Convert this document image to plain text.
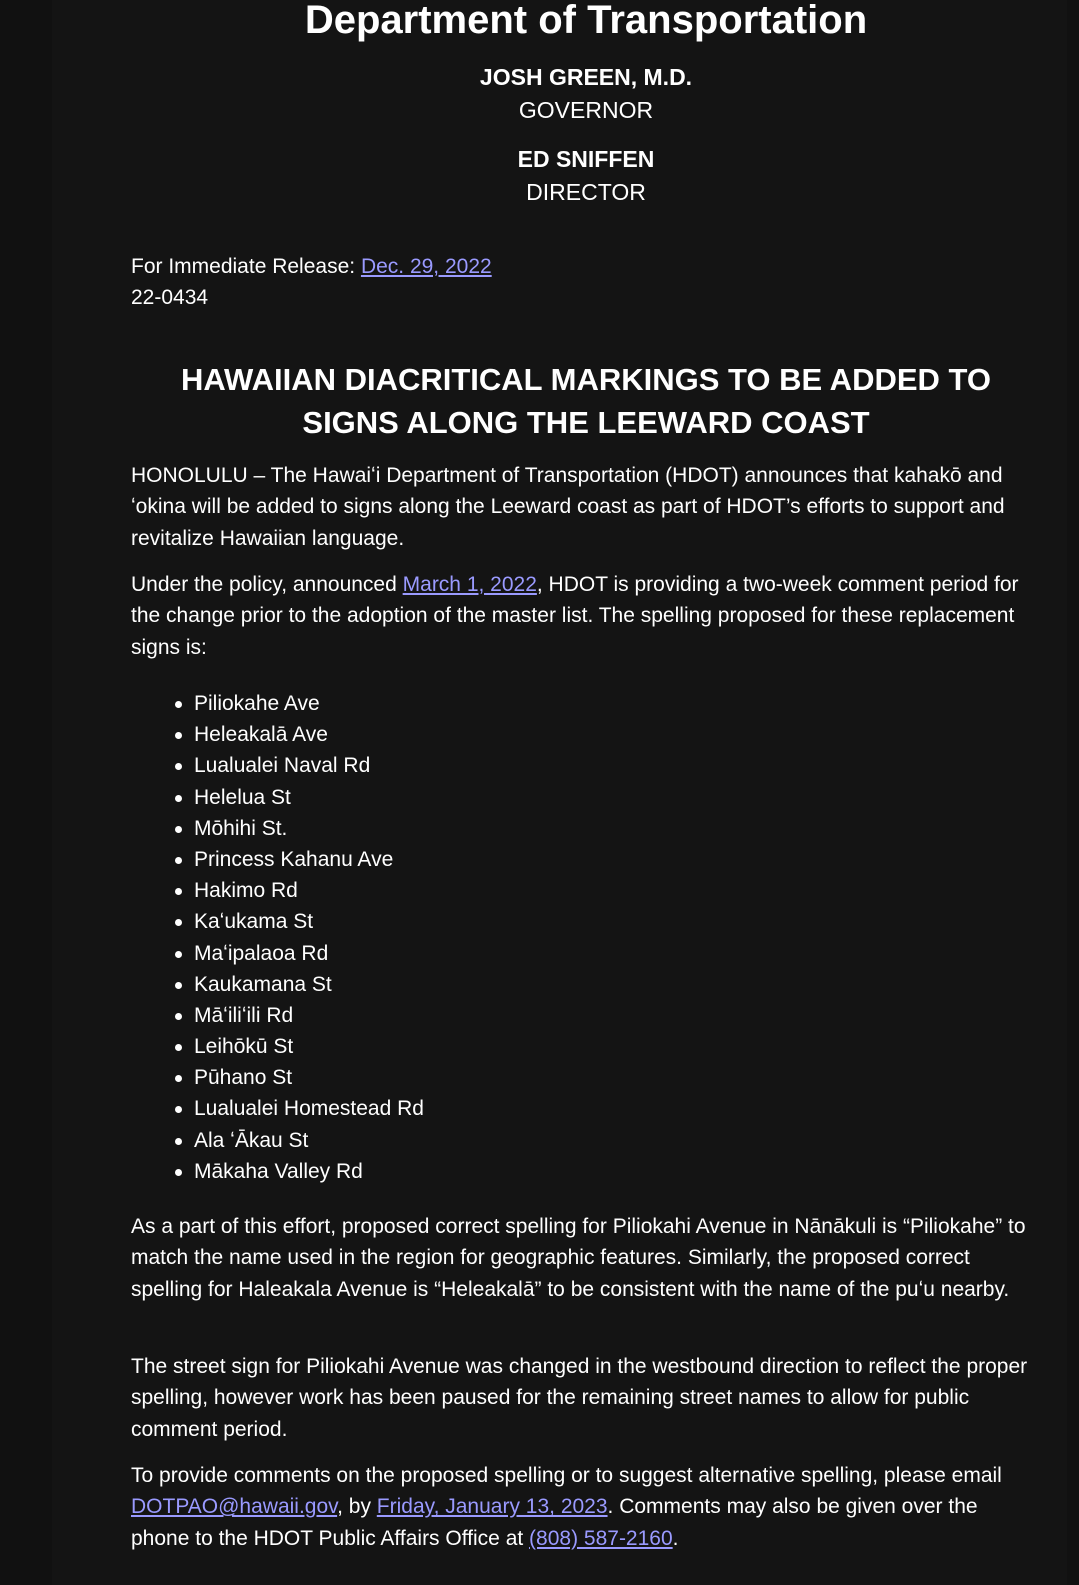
Department of Transportation
JOSH GREEN, M.D.
GOVERNOR
ED SNIFFEN
DIRECTOR
For Immediate Release: Dec. 29, 2022
22-0434
HAWAIIAN DIACRITICAL MARKINGS TO BE ADDED TO SIGNS ALONG THE LEEWARD COAST

HONOLULU – The Hawaiʻi Department of Transportation (HDOT) announces that kahakō and ʻokina will be added to signs along the Leeward coast as part of HDOT’s efforts to support and revitalize Hawaiian language.

Under the policy, announced March 1, 2022, HDOT is providing a two-week comment period for the change prior to the adoption of the master list. The spelling proposed for these replacement signs is:

Piliokahe Ave
Heleakalā Ave
Lualualei Naval Rd
Helelua St
Mōhihi St.
Princess Kahanu Ave
Hakimo Rd
Kaʻukama St
Maʻipalaoa Rd
Kaukamana St
Māʻiliʻili Rd
Leihōkū St
Pūhano St
Lualualei Homestead Rd
Ala ʻĀkau St
Mākaha Valley Rd

As a part of this effort, proposed correct spelling for Piliokahi Avenue in Nānākuli is “Piliokahe” to match the name used in the region for geographic features. Similarly, the proposed correct spelling for Haleakala Avenue is “Heleakalā” to be consistent with the name of the puʻu nearby.

The street sign for Piliokahi Avenue was changed in the westbound direction to reflect the proper spelling, however work has been paused for the remaining street names to allow for public comment period.

To provide comments on the proposed spelling or to suggest alternative spelling, please email DOTPAO@hawaii.gov, by Friday, January 13, 2023. Comments may also be given over the phone to the HDOT Public Affairs Office at (808) 587-2160.
